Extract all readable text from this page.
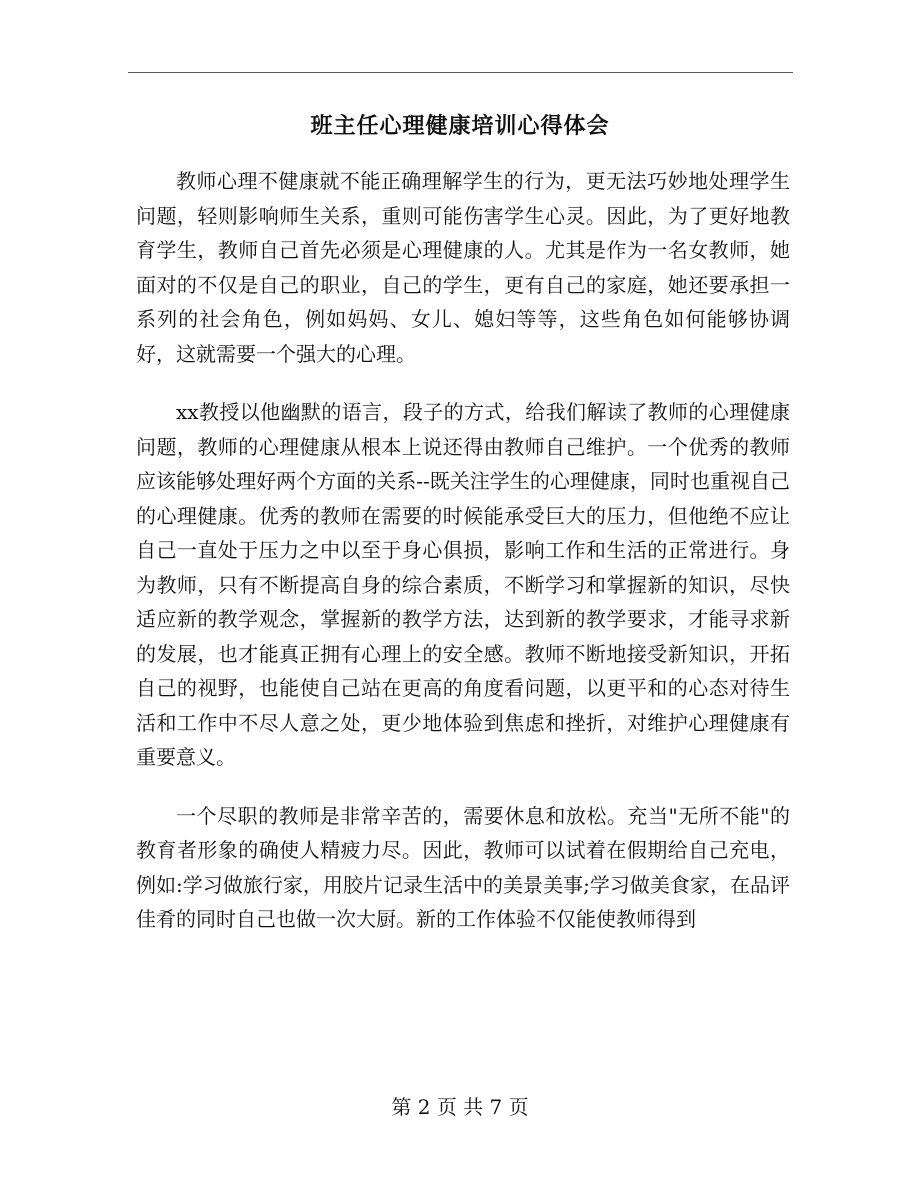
班主任心理健康培训心得体会

教师心理不健康就不能正确理解学生的行为，更无法巧妙地处理学生问题，轻则影响师生关系，重则可能伤害学生心灵。因此，为了更好地教育学生，教师自己首先必须是心理健康的人。尤其是作为一名女教师，她面对的不仅是自己的职业，自己的学生，更有自己的家庭，她还要承担一系列的社会角色，例如妈妈、女儿、媳妇等等，这些角色如何能够协调好，这就需要一个强大的心理。

xx教授以他幽默的语言，段子的方式，给我们解读了教师的心理健康问题，教师的心理健康从根本上说还得由教师自己维护。一个优秀的教师应该能够处理好两个方面的关系--既关注学生的心理健康，同时也重视自己的心理健康。优秀的教师在需要的时候能承受巨大的压力，但他绝不应让自己一直处于压力之中以至于身心俱损，影响工作和生活的正常进行。身为教师，只有不断提高自身的综合素质，不断学习和掌握新的知识，尽快适应新的教学观念，掌握新的教学方法，达到新的教学要求，才能寻求新的发展，也才能真正拥有心理上的安全感。教师不断地接受新知识，开拓自己的视野，也能使自己站在更高的角度看问题，以更平和的心态对待生活和工作中不尽人意之处，更少地体验到焦虑和挫折，对维护心理健康有重要意义。

一个尽职的教师是非常辛苦的，需要休息和放松。充当"无所不能"的教育者形象的确使人精疲力尽。因此，教师可以试着在假期给自己充电，例如:学习做旅行家，用胶片记录生活中的美景美事;学习做美食家，在品评佳肴的同时自己也做一次大厨。新的工作体验不仅能使教师得到

第 2 页 共 7 页
